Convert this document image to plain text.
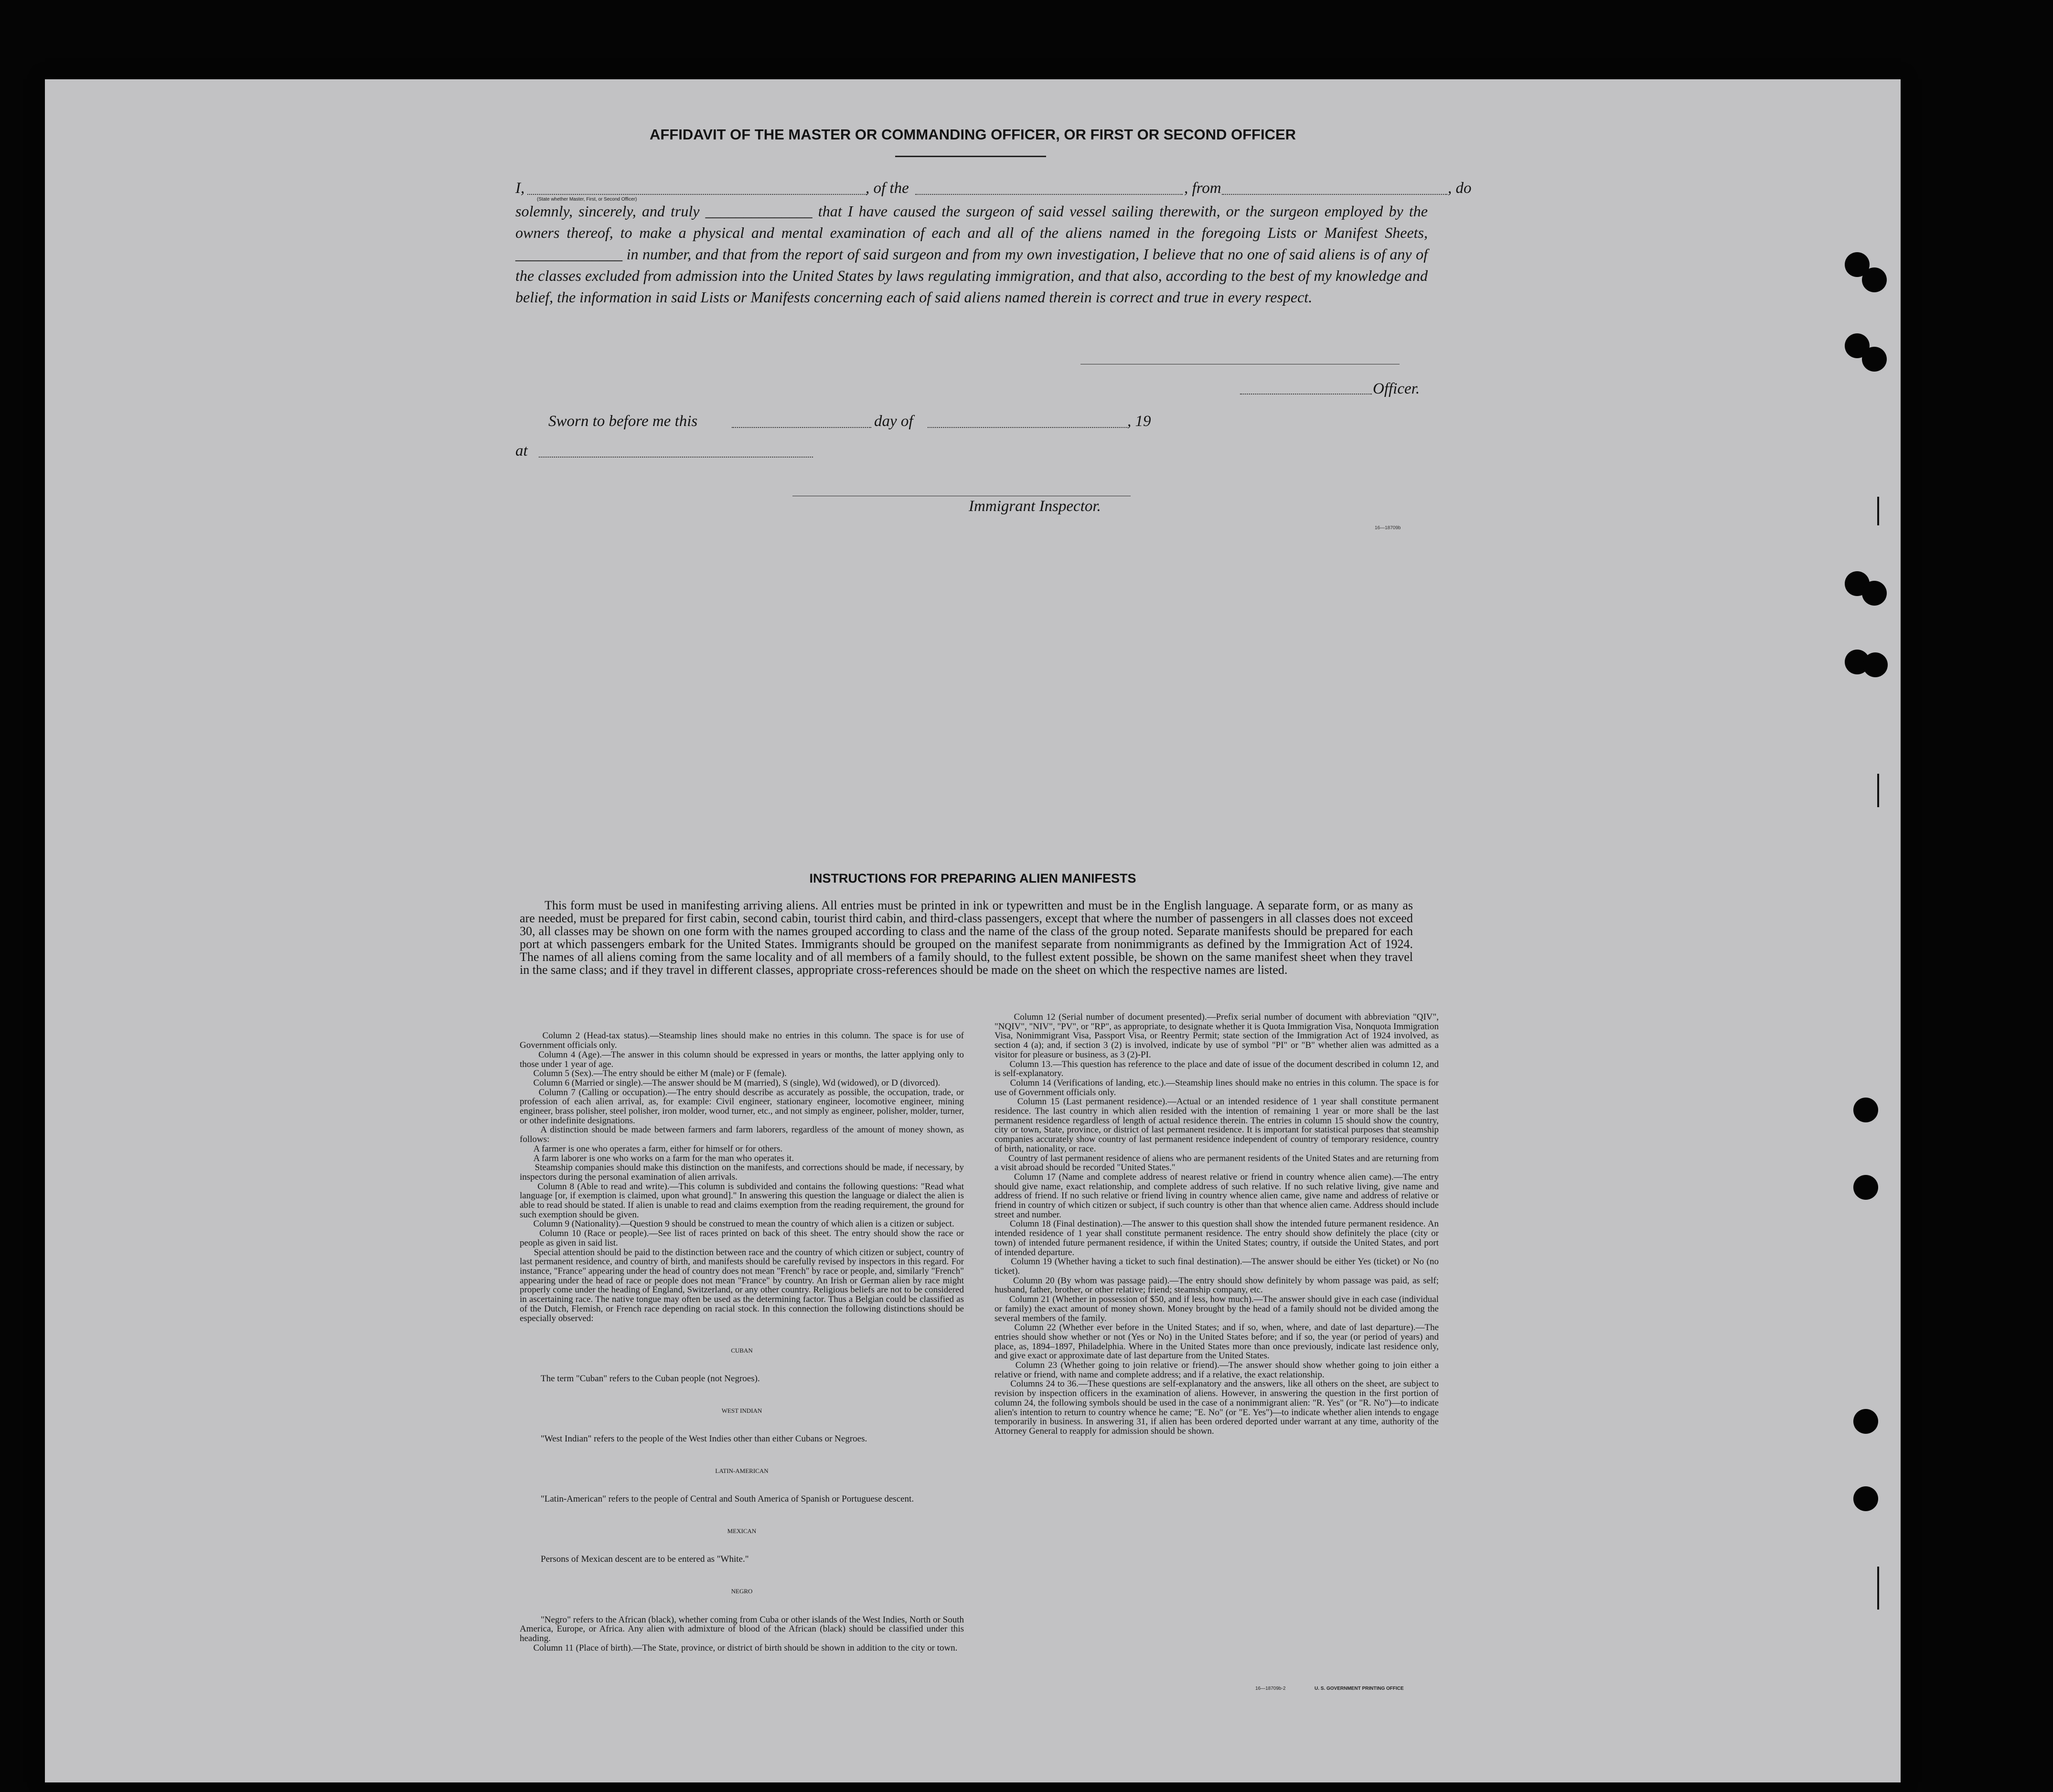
AFFIDAVIT OF THE MASTER OR COMMANDING OFFICER, OR FIRST OR SECOND OFFICER
I,
(State whether Master, First, or Second Officer)
, of the	, from	, do
solemnly, sincerely, and truly ______________ that I have caused the surgeon of said vessel sailing therewith, or the surgeon employed by the owners thereof, to make a physical and mental examination of each and all of the aliens named in the foregoing Lists or Manifest Sheets, ______________ in number, and that from the report of said surgeon and from my own investigation, I believe that no one of said aliens is of any of the classes excluded from admission into the United States by laws regulating immigration, and that also, according to the best of my knowledge and belief, the information in said Lists or Manifests concerning each of said aliens named therein is correct and true in every respect.
Officer.
Sworn to before me this	day of	, 19
at
Immigrant Inspector.
16—18709b
INSTRUCTIONS FOR PREPARING ALIEN MANIFESTS
This form must be used in manifesting arriving aliens. All entries must be printed in ink or typewritten and must be in the English language. A separate form, or as many as are needed, must be prepared for first cabin, second cabin, tourist third cabin, and third-class passengers, except that where the number of passengers in all classes does not exceed 30, all classes may be shown on one form with the names grouped according to class and the name of the class of the group noted. Separate manifests should be prepared for each port at which passengers embark for the United States. Immigrants should be grouped on the manifest separate from nonimmigrants as defined by the Immigration Act of 1924. The names of all aliens coming from the same locality and of all members of a family should, to the fullest extent possible, be shown on the same manifest sheet when they travel in the same class; and if they travel in different classes, appropriate cross-references should be made on the sheet on which the respective names are listed.

Column 2 (Head-tax status).—Steamship lines should make no entries in this column. The space is for use of Government officials only.
Column 4 (Age).—The answer in this column should be expressed in years or months, the latter applying only to those under 1 year of age.
Column 5 (Sex).—The entry should be either M (male) or F (female).
Column 6 (Married or single).—The answer should be M (married), S (single), Wd (widowed), or D (divorced).
Column 7 (Calling or occupation).—The entry should describe as accurately as possible, the occupation, trade, or profession of each alien arrival, as, for example: Civil engineer, stationary engineer, locomotive engineer, mining engineer, brass polisher, steel polisher, iron molder, wood turner, etc., and not simply as engineer, polisher, molder, turner, or other indefinite designations.
A distinction should be made between farmers and farm laborers, regardless of the amount of money shown, as follows:
A farmer is one who operates a farm, either for himself or for others.
A farm laborer is one who works on a farm for the man who operates it.
Steamship companies should make this distinction on the manifests, and corrections should be made, if necessary, by inspectors during the personal examination of alien arrivals.
Column 8 (Able to read and write).—This column is subdivided and contains the following questions: "Read what language [or, if exemption is claimed, upon what ground]." In answering this question the language or dialect the alien is able to read should be stated. If alien is unable to read and claims exemption from the reading requirement, the ground for such exemption should be given.
Column 9 (Nationality).—Question 9 should be construed to mean the country of which alien is a citizen or subject.
Column 10 (Race or people).—See list of races printed on back of this sheet. The entry should show the race or people as given in said list.
Special attention should be paid to the distinction between race and the country of which citizen or subject, country of last permanent residence, and country of birth, and manifests should be carefully revised by inspectors in this regard. For instance, "France" appearing under the head of country does not mean "French" by race or people, and, similarly "French" appearing under the head of race or people does not mean "France" by country. An Irish or German alien by race might properly come under the heading of England, Switzerland, or any other country. Religious beliefs are not to be considered in ascertaining race. The native tongue may often be used as the determining factor. Thus a Belgian could be classified as of the Dutch, Flemish, or French race depending on racial stock. In this connection the following distinctions should be especially observed:

CUBAN

The term "Cuban" refers to the Cuban people (not Negroes).

WEST INDIAN

"West Indian" refers to the people of the West Indies other than either Cubans or Negroes.

LATIN-AMERICAN

"Latin-American" refers to the people of Central and South America of Spanish or Portuguese descent.

MEXICAN

Persons of Mexican descent are to be entered as "White."

NEGRO

"Negro" refers to the African (black), whether coming from Cuba or other islands of the West Indies, North or South America, Europe, or Africa. Any alien with admixture of blood of the African (black) should be classified under this heading.
Column 11 (Place of birth).—The State, province, or district of birth should be shown in addition to the city or town.

Column 12 (Serial number of document presented).—Prefix serial number of document with abbreviation "QIV", "NQIV", "NIV", "PV", or "RP", as appropriate, to designate whether it is Quota Immigration Visa, Nonquota Immigration Visa, Nonimmigrant Visa, Passport Visa, or Reentry Permit; state section of the Immigration Act of 1924 involved, as section 4 (a); and, if section 3 (2) is involved, indicate by use of symbol "PI" or "B" whether alien was admitted as a visitor for pleasure or business, as 3 (2)-PI.
Column 13.—This question has reference to the place and date of issue of the document described in column 12, and is self-explanatory.
Column 14 (Verifications of landing, etc.).—Steamship lines should make no entries in this column. The space is for use of Government officials only.
Column 15 (Last permanent residence).—Actual or an intended residence of 1 year shall constitute permanent residence. The last country in which alien resided with the intention of remaining 1 year or more shall be the last permanent residence regardless of length of actual residence therein. The entries in column 15 should show the country, city or town, State, province, or district of last permanent residence. It is important for statistical purposes that steamship companies accurately show country of last permanent residence independent of country of temporary residence, country of birth, nationality, or race.
Country of last permanent residence of aliens who are permanent residents of the United States and are returning from a visit abroad should be recorded "United States."
Column 17 (Name and complete address of nearest relative or friend in country whence alien came).—The entry should give name, exact relationship, and complete address of such relative. If no such relative living, give name and address of friend. If no such relative or friend living in country whence alien came, give name and address of relative or friend in country of which citizen or subject, if such country is other than that whence alien came. Address should include street and number.
Column 18 (Final destination).—The answer to this question shall show the intended future permanent residence. An intended residence of 1 year shall constitute permanent residence. The entry should show definitely the place (city or town) of intended future permanent residence, if within the United States; country, if outside the United States, and port of intended departure.
Column 19 (Whether having a ticket to such final destination).—The answer should be either Yes (ticket) or No (no ticket).
Column 20 (By whom was passage paid).—The entry should show definitely by whom passage was paid, as self; husband, father, brother, or other relative; friend; steamship company, etc.
Column 21 (Whether in possession of $50, and if less, how much).—The answer should give in each case (individual or family) the exact amount of money shown. Money brought by the head of a family should not be divided among the several members of the family.
Column 22 (Whether ever before in the United States; and if so, when, where, and date of last departure).—The entries should show whether or not (Yes or No) in the United States before; and if so, the year (or period of years) and place, as, 1894–1897, Philadelphia. Where in the United States more than once previously, indicate last residence only, and give exact or approximate date of last departure from the United States.
Column 23 (Whether going to join relative or friend).—The answer should show whether going to join either a relative or friend, with name and complete address; and if a relative, the exact relationship.
Columns 24 to 36.—These questions are self-explanatory and the answers, like all others on the sheet, are subject to revision by inspection officers in the examination of aliens. However, in answering the question in the first portion of column 24, the following symbols should be used in the case of a nonimmigrant alien: "R. Yes" (or "R. No")—to indicate alien's intention to return to country whence he came; "E. No" (or "E. Yes")—to indicate whether alien intends to engage temporarily in business. In answering 31, if alien has been ordered deported under warrant at any time, authority of the Attorney General to reapply for admission should be shown.
16—18709b-2	U. S. GOVERNMENT PRINTING OFFICE
